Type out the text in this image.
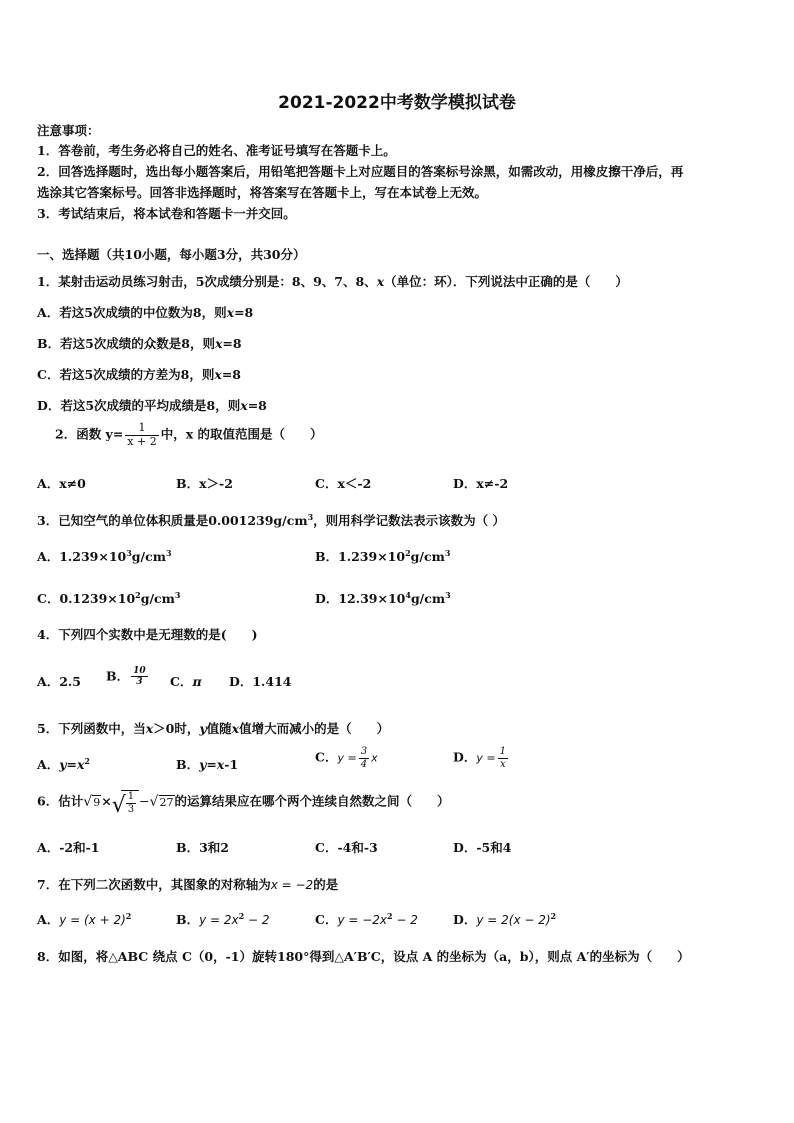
2021-2022中考数学模拟试卷
注意事项：
1．答卷前，考生务必将自己的姓名、准考证号填写在答题卡上。
2．回答选择题时，选出每小题答案后，用铅笔把答题卡上对应题目的答案标号涂黑，如需改动，用橡皮擦干净后，再
选涂其它答案标号。回答非选择题时，将答案写在答题卡上，写在本试卷上无效。
3．考试结束后，将本试卷和答题卡一并交回。
一、选择题（共10小题，每小题3分，共30分）
1．某射击运动员练习射击，5次成绩分别是：8、9、7、8、x（单位：环）．下列说法中正确的是（　　）
A．若这5次成绩的中位数为8，则x=8
B．若这5次成绩的众数是8，则x=8
C．若这5次成绩的方差为8，则x=8
D．若这5次成绩的平均成绩是8，则x=8
2．函数 $y= \frac{1}{x + 2}$ 中，x 的取值范围是（　　）
A．x≠0	B．x＞-2	C．x＜-2	D．x≠-2
3．已知空气的单位体积质量是$0.001239g/cm^3$，则用科学记数法表示该数为（ ）
A．$1.239\times 10^3g/cm^3$	B．$1.239\times 10^2g/cm^3$
C．$0.1239\times 10^2g/cm^3$	D．$12.39\times 10^4g/cm^3$
4．下列四个实数中是无理数的是(　　)
A．2.5 B． $\frac{10}{3}$ C．π D．1.414
5．下列函数中，当x＞0时，y值随x值增大而减小的是（　　）
A．$y=x^2$	B．y=x-1	C．$y = \frac{3}{4}$ x	D．$y = \frac{1}{x}$
6．估计 √ 9× √ $\frac{1}{3}$ − √ 27的运算结果应在哪个两个连续自然数之间（　　）
A．-2和-1	B．3和2	C．-4和-3	D．-5和4
7．在下列二次函数中，其图象的对称轴为x = −2的是
A．$y = (x + 2)^2$	B．$y = 2x^2 - 2$	C．$y = -2x^2 - 2$	D．$y = 2(x - 2)^2$
8．如图，将△ABC 绕点 C（0，-1）旋转180°得到△A′B′C，设点 A 的坐标为（a，b），则点 A′的坐标为（　　）
